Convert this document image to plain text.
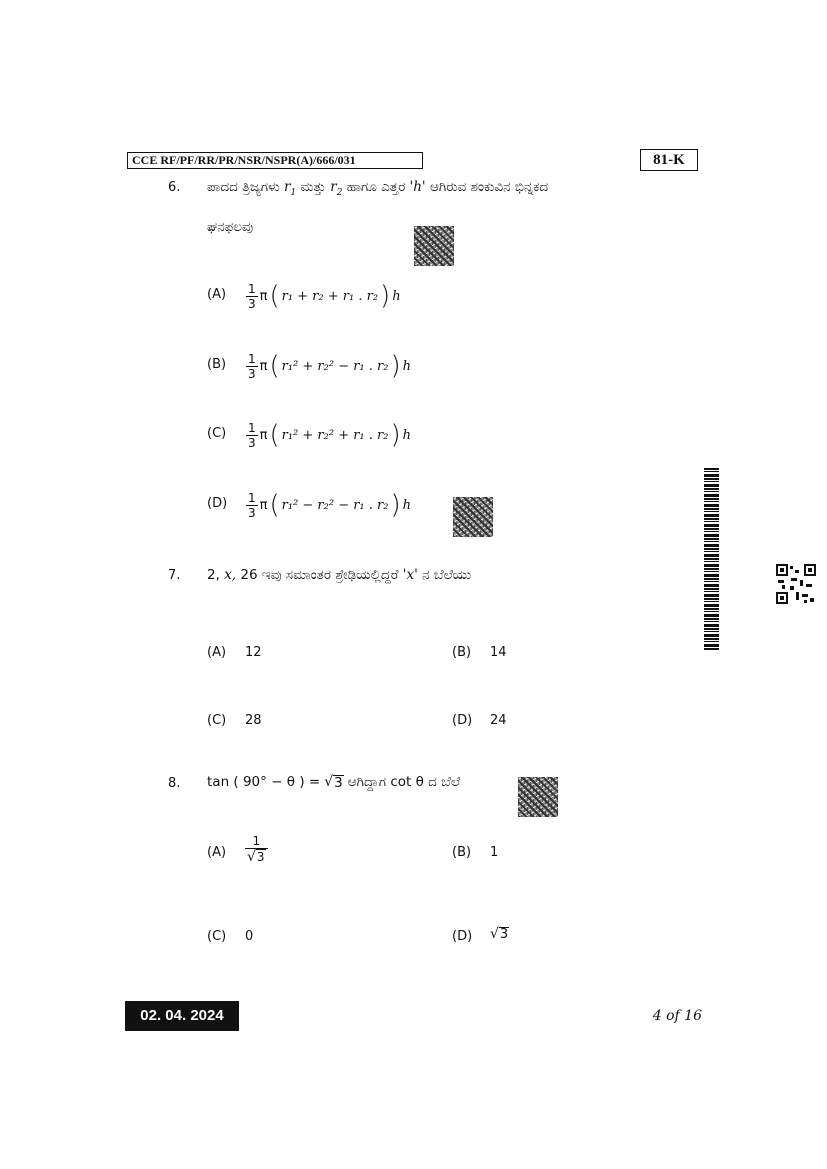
CCE RF/PF/RR/PR/NSR/NSPR(A)/666/031	81-K
6. ಪಾದದ ತ್ರಿಜ್ಯಗಳು $r_1$ ಮತ್ತು $r_2$ ಹಾಗೂ ಎತ್ತರ 'h' ಆಗಿರುವ ಶಂಕುವಿನ ಭಿನ್ನಕದ
ಘನಫಲವು
$(A) \frac{1}{3}$ π ( r₁ + r₂ + r₁ . r₂ ) h
$(B) \frac{1}{3}$ π ( r₁² + r₂² − r₁ . r₂ ) h
$(C) \frac{1}{3}$ π ( r₁² + r₂² + r₁ . r₂ ) h
$(D) \frac{1}{3}$ π ( r₁² − r₂² − r₁ . r₂ ) h
7. 2, x, 26 ಇವು ಸಮಾಂತರ ಶ್ರೇಢಿಯಲ್ಲಿದ್ದರೆ 'x' ನ ಬೆಲೆಯು
(A) 12	(B) 14
(C) 28	(D) 24
8. tan ( 90° − θ ) = √ 3 ಆಗಿದ್ದಾಗ cot θ ದ ಬೆಲೆ
$(A) \frac{1}{√ 3}$	(B) 1
(C) 0	(D) √ 3
02. 04. 2024	4 of 16
